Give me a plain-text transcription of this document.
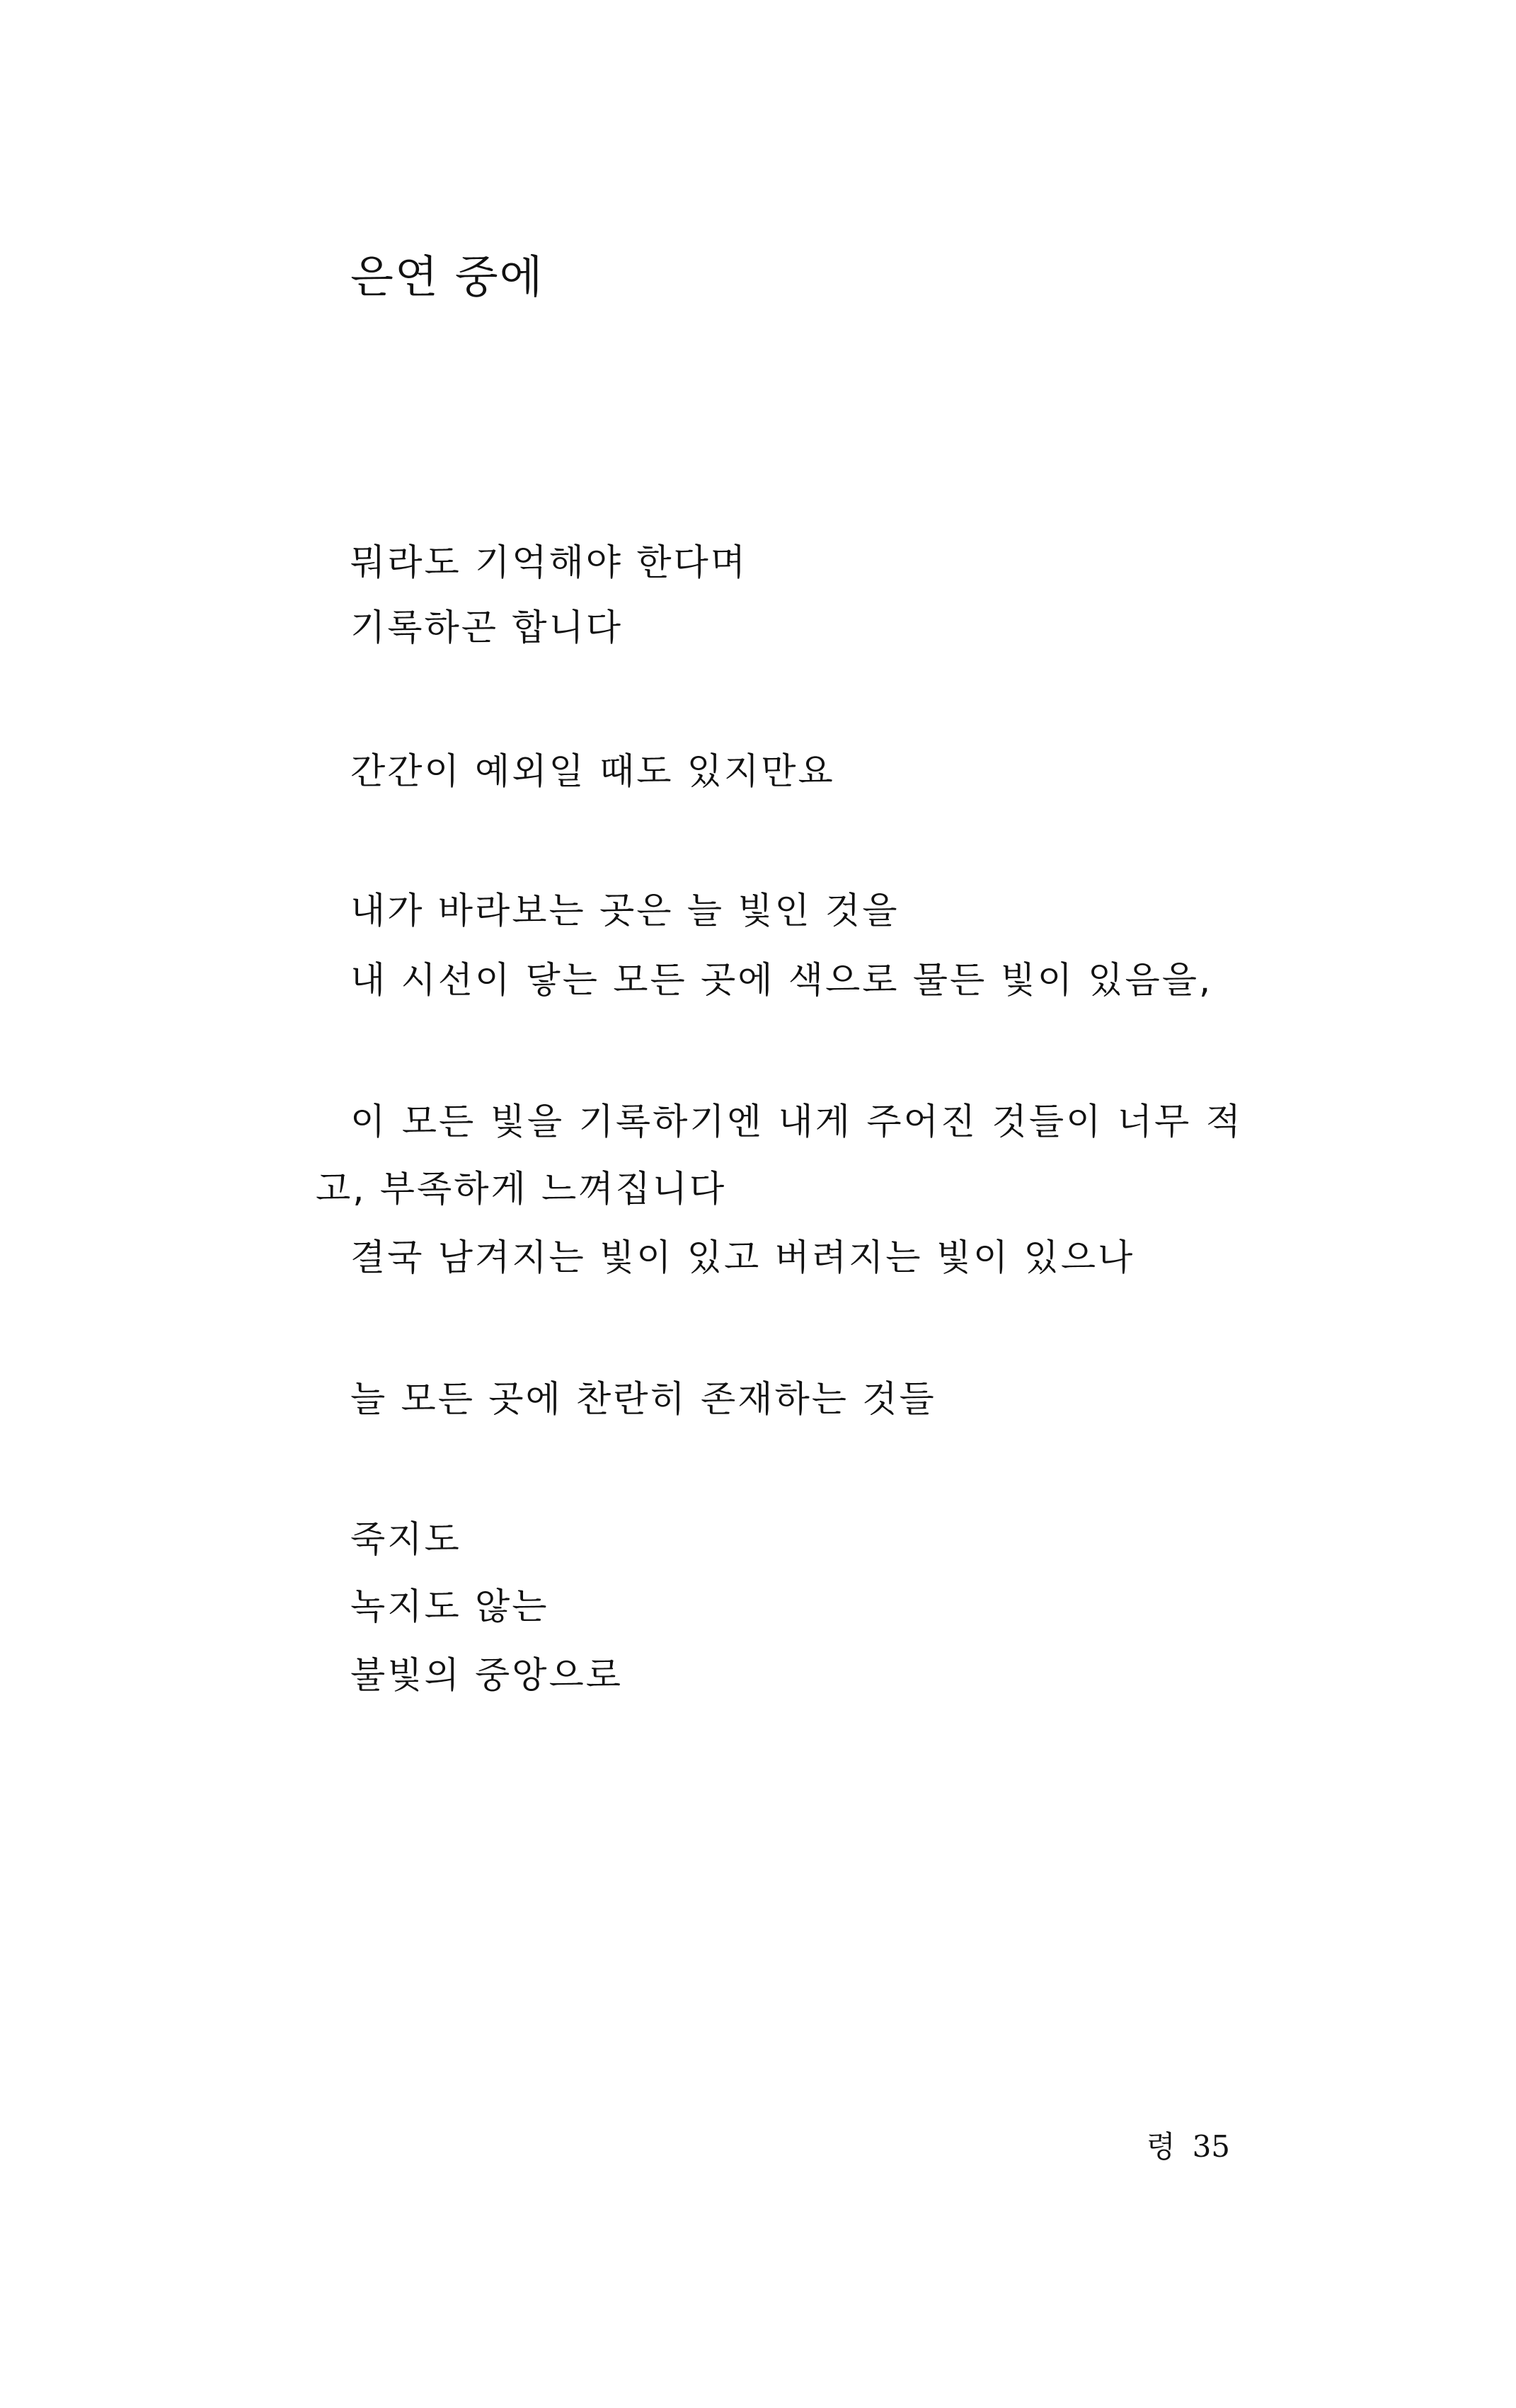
은연 중에

뭐라도 기억해야 한다며

기록하곤 합니다

간간이 예외일 때도 있지만요

내가 바라보는 곳은 늘 빛인 것을

내 시선이 닿는 모든 곳에 색으로 물든 빛이 있음을,

이 모든 빛을 기록하기엔 내게 주어진 것들이 너무 적

고, 부족하게 느껴집니다

결국 남겨지는 빛이 있고 버려지는 빛이 있으나

늘 모든 곳에 찬란히 존재하는 것들

죽지도

녹지도 않는

불빛의 중앙으로

령 35
